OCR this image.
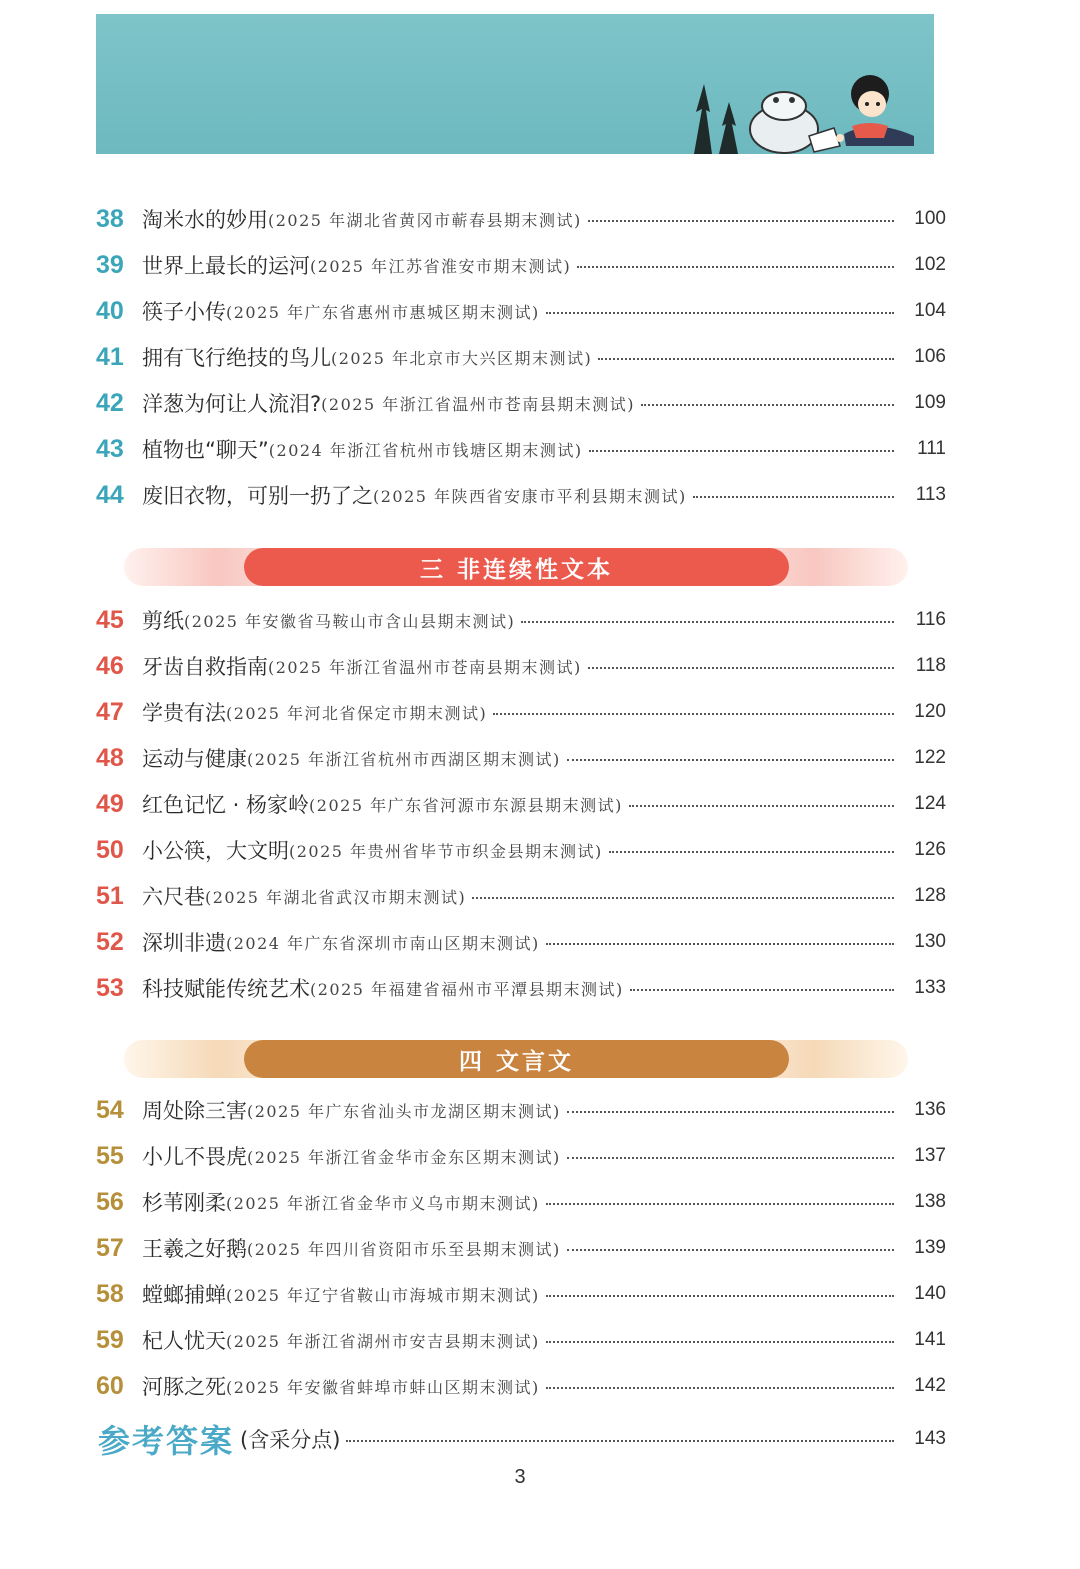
38 淘米水的妙用 (2025 年湖北省黄冈市蕲春县期末测试)	100
39 世界上最长的运河 (2025 年江苏省淮安市期末测试)	102
40 筷子小传 (2025 年广东省惠州市惠城区期末测试)	104
41 拥有飞行绝技的鸟儿 (2025 年北京市大兴区期末测试)	106
42 洋葱为何让人流泪? (2025 年浙江省温州市苍南县期末测试)	109
43 植物也“聊天” (2024 年浙江省杭州市钱塘区期末测试)	111
44 废旧衣物，可别一扔了之 (2025 年陕西省安康市平利县期末测试)	113
三 非连续性文本
45 剪纸 (2025 年安徽省马鞍山市含山县期末测试)	116
46 牙齿自救指南 (2025 年浙江省温州市苍南县期末测试)	118
47 学贵有法 (2025 年河北省保定市期末测试)	120
48 运动与健康 (2025 年浙江省杭州市西湖区期末测试)	122
49 红色记忆 · 杨家岭 (2025 年广东省河源市东源县期末测试)	124
50 小公筷，大文明 (2025 年贵州省毕节市织金县期末测试)	126
51 六尺巷 (2025 年湖北省武汉市期末测试)	128
52 深圳非遗 (2024 年广东省深圳市南山区期末测试)	130
53 科技赋能传统艺术 (2025 年福建省福州市平潭县期末测试)	133
四 文言文
54 周处除三害 (2025 年广东省汕头市龙湖区期末测试)	136
55 小儿不畏虎 (2025 年浙江省金华市金东区期末测试)	137
56 杉苇刚柔 (2025 年浙江省金华市义乌市期末测试)	138
57 王羲之好鹅 (2025 年四川省资阳市乐至县期末测试)	139
58 螳螂捕蝉 (2025 年辽宁省鞍山市海城市期末测试)	140
59 杞人忧天 (2025 年浙江省湖州市安吉县期末测试)	141
60 河豚之死 (2025 年安徽省蚌埠市蚌山区期末测试)	142
参考答案 (含采分点)	143
3
